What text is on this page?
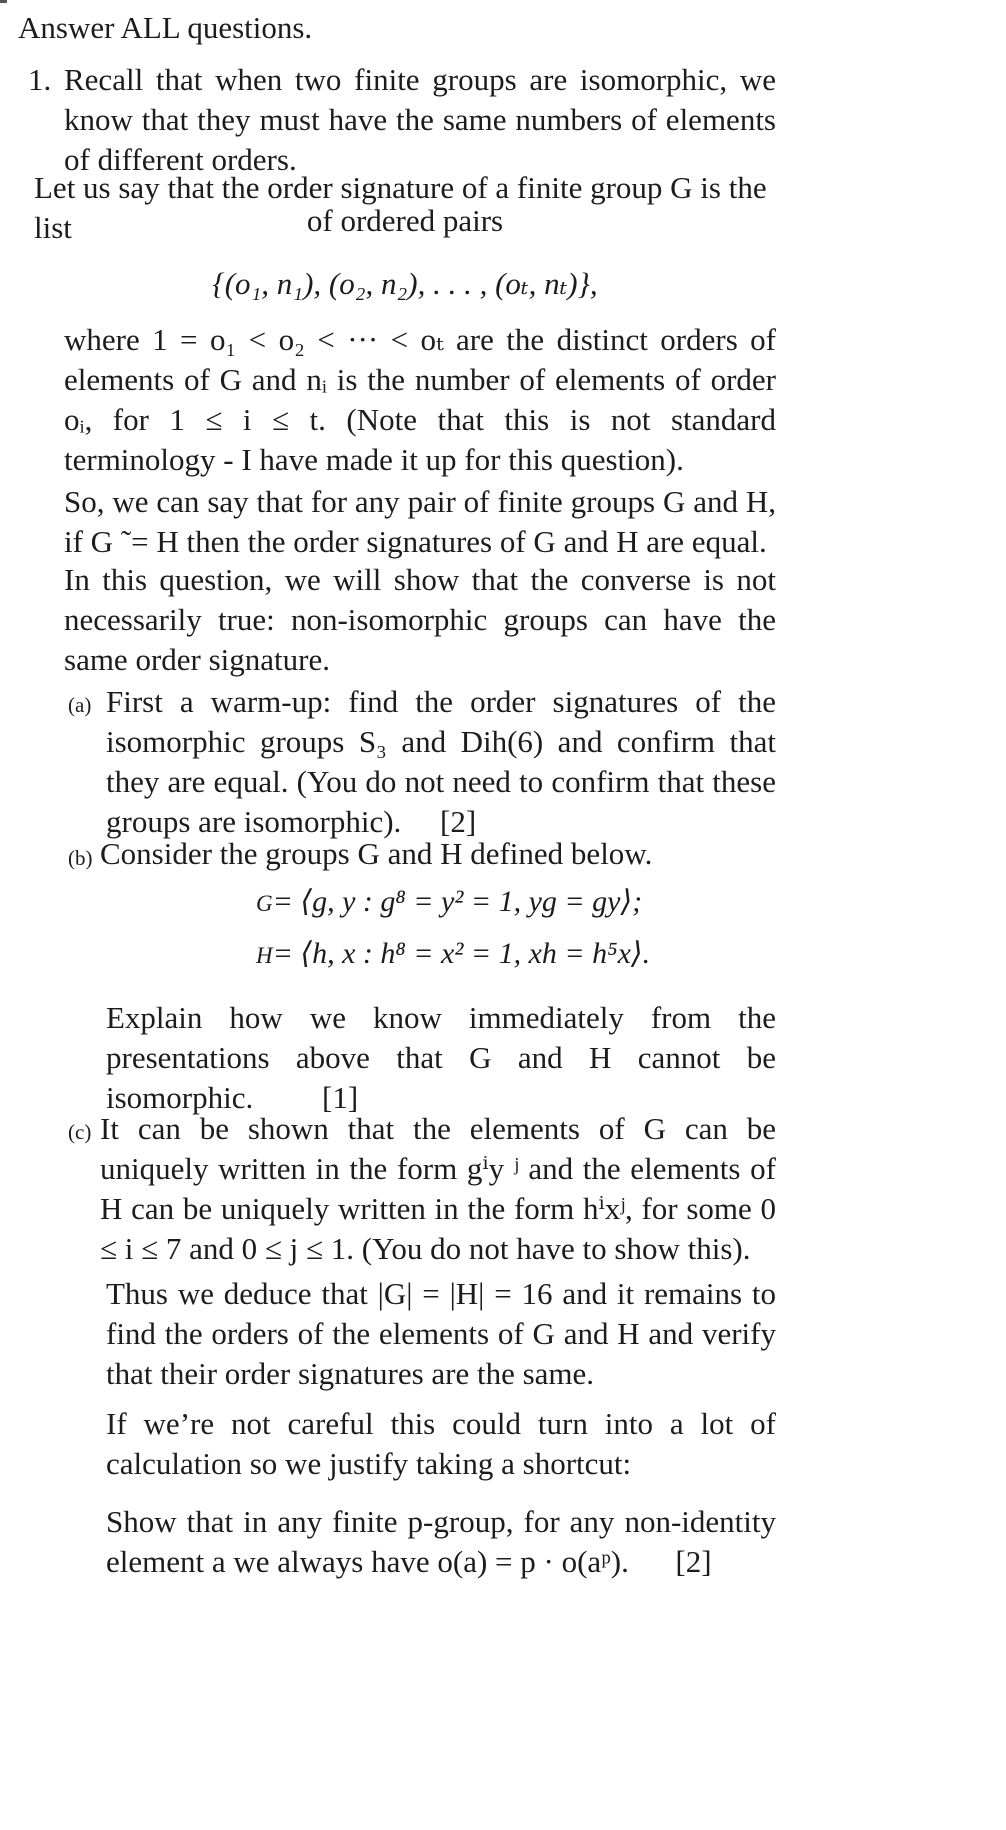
Answer ALL questions.

1. Recall that when two finite groups are isomorphic, we know that they must have the same numbers of elements of different orders.

Let us say that the order signature of a finite group G is the list	of ordered pairs

{(o₁, n₁), (o₂, n₂), . . . , (oₜ, nₜ)},

where 1 = o₁ < o₂ < ··· < oₜ are the distinct orders of elements of G and nᵢ is the number of elements of order oᵢ, for 1 ≤ i ≤ t. (Note that this is not standard terminology - I have made it up for this question).

So, we can say that for any pair of finite groups G and H, if G ˜= H then the order signatures of G and H are equal.

In this question, we will show that the converse is not necessarily true: non-isomorphic groups can have the same order signature.

(a) First a warm-up: find the order signatures of the isomorphic groups S₃ and Dih(6) and confirm that they are equal. (You do not need to confirm that these groups are isomorphic). [2]

(b) Consider the groups G and H defined below.

G= ⟨g, y : g⁸ = y² = 1, yg = gy⟩;
H= ⟨h, x : h⁸ = x² = 1, xh = h⁵x⟩.

Explain how we know immediately from the presentations above that G and H cannot be isomorphic. [1]

(c) It can be shown that the elements of G can be uniquely written in the form gⁱy ʲ and the elements of H can be uniquely written in the form hⁱxʲ, for some 0 ≤ i ≤ 7 and 0 ≤ j ≤ 1. (You do not have to show this).

Thus we deduce that |G| = |H| = 16 and it remains to find the orders of the elements of G and H and verify that their order signatures are the same.

If we’re not careful this could turn into a lot of calculation so we justify taking a shortcut:

Show that in any finite p-group, for any non-identity element a we always have o(a) = p · o(aᵖ). [2]
